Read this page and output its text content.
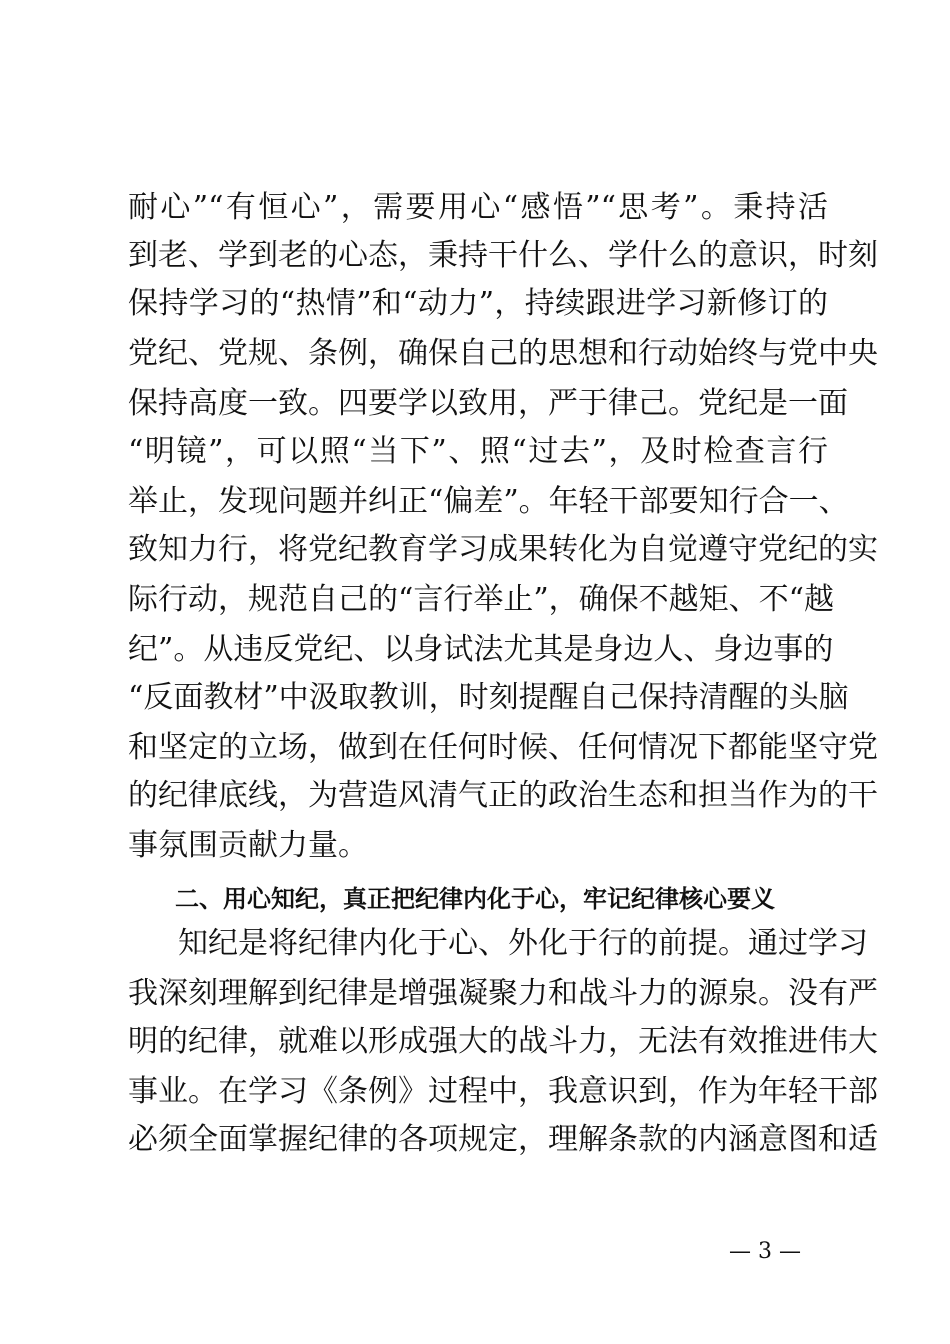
耐心”“有恒心”，需要用心“感悟”“思考”。秉持活
到老、学到老的心态，秉持干什么、学什么的意识，时刻
保持学习的“热情”和“动力”，持续跟进学习新修订的
党纪、党规、条例，确保自己的思想和行动始终与党中央
保持高度一致。四要学以致用，严于律己。党纪是一面
“明镜”，可以照“当下”、照“过去”，及时检查言行
举止，发现问题并纠正“偏差”。年轻干部要知行合一、
致知力行，将党纪教育学习成果转化为自觉遵守党纪的实
际行动，规范自己的“言行举止”，确保不越矩、不“越
纪”。从违反党纪、以身试法尤其是身边人、身边事的
“反面教材”中汲取教训，时刻提醒自己保持清醒的头脑
和坚定的立场，做到在任何时候、任何情况下都能坚守党
的纪律底线，为营造风清气正的政治生态和担当作为的干
事氛围贡献力量。
二、用心知纪，真正把纪律内化于心，牢记纪律核心要义
知纪是将纪律内化于心、外化于行的前提。通过学习
我深刻理解到纪律是增强凝聚力和战斗力的源泉。没有严
明的纪律，就难以形成强大的战斗力，无法有效推进伟大
事业。在学习《条例》过程中，我意识到，作为年轻干部
必须全面掌握纪律的各项规定，理解条款的内涵意图和适
— 3 —
